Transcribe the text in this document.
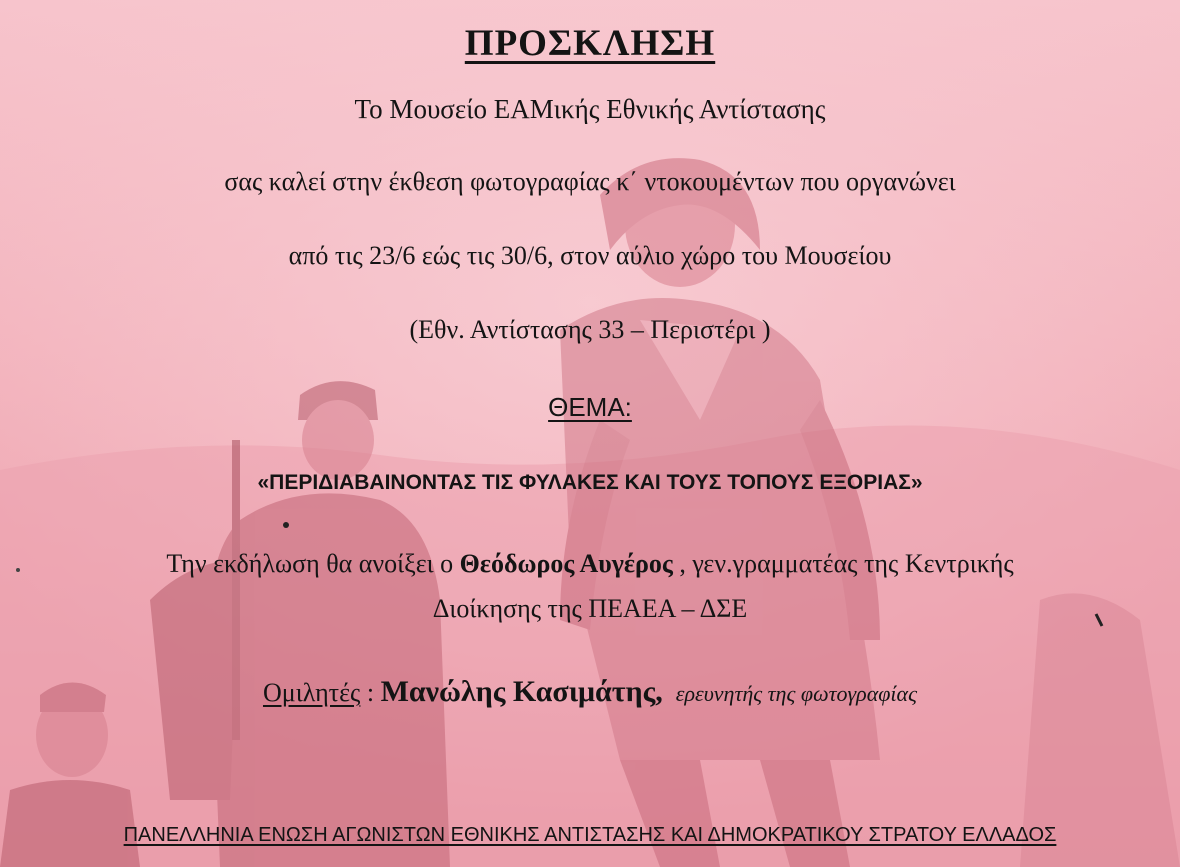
ΠΡΟΣΚΛΗΣΗ
Το Μουσείο ΕΑΜικής Εθνικής Αντίστασης
σας καλεί στην έκθεση φωτογραφίας κ΄ ντοκουμέντων που οργανώνει
από τις 23/6 εώς τις 30/6, στον αύλιο χώρο του Μουσείου
(Εθν. Αντίστασης 33 – Περιστέρι )
ΘΕΜΑ:
«ΠΕΡΙΔΙΑΒΑΙΝΟΝΤΑΣ ΤΙΣ ΦΥΛΑΚΕΣ ΚΑΙ ΤΟΥΣ ΤΟΠΟΥΣ ΕΞΟΡΙΑΣ»
Την εκδήλωση θα ανοίξει ο Θεόδωρος Αυγέρος , γεν.γραμματέας της Κεντρικής
Διοίκησης της ΠΕΑΕΑ – ΔΣΕ
Ομιλητές : Μανώλης Κασιμάτης, ερευνητής της φωτογραφίας
ΠΑΝΕΛΛΗΝΙΑ ΕΝΩΣΗ ΑΓΩΝΙΣΤΩΝ ΕΘΝΙΚΗΣ ΑΝΤΙΣΤΑΣΗΣ ΚΑΙ ΔΗΜΟΚΡΑΤΙΚΟΥ ΣΤΡΑΤΟΥ ΕΛΛΑΔΟΣ
